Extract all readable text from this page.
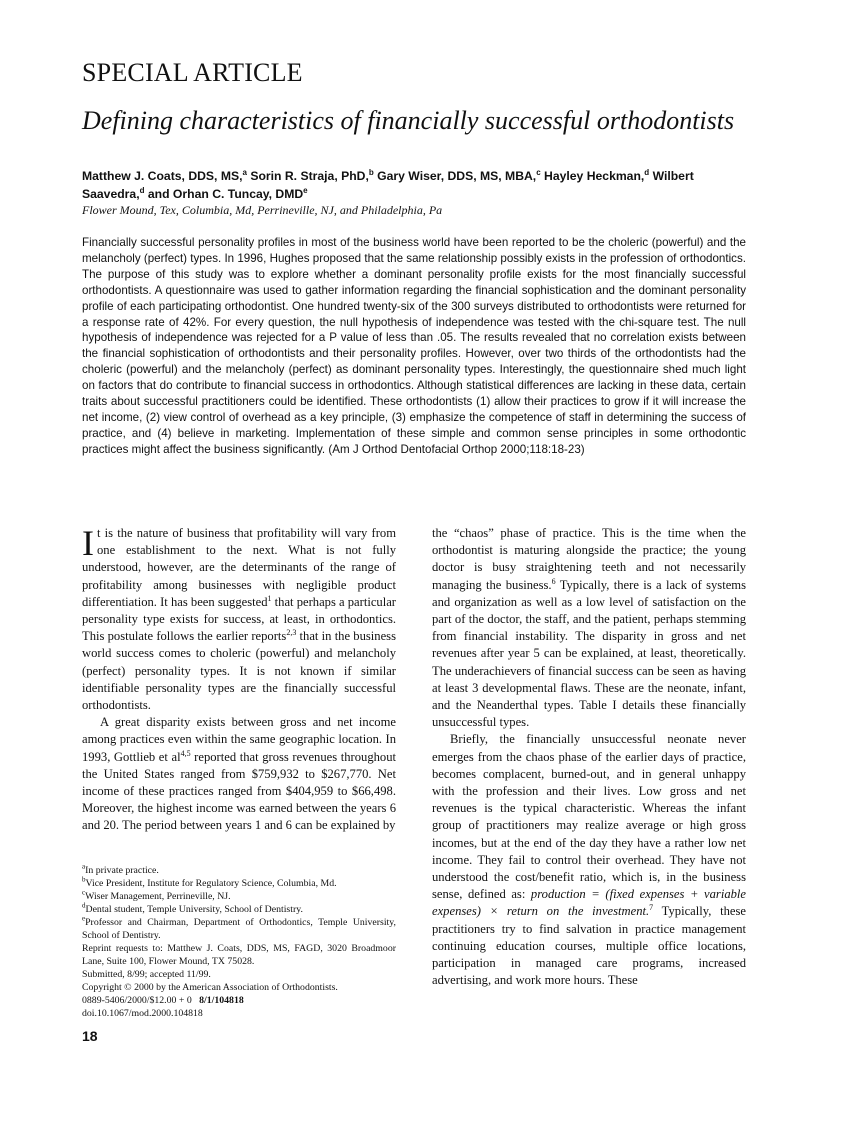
SPECIAL ARTICLE
Defining characteristics of financially successful orthodontists
Matthew J. Coats, DDS, MS,$^a$ Sorin R. Straja, PhD,$^b$ Gary Wiser, DDS, MS, MBA,$^c$ Hayley Heckman,$^d$ Wilbert Saavedra,$^d$ and Orhan C. Tuncay, DMDe
Flower Mound, Tex, Columbia, Md, Perrineville, NJ, and Philadelphia, Pa

Financially successful personality profiles in most of the business world have been reported to be the choleric (powerful) and the melancholy (perfect) types. In 1996, Hughes proposed that the same relationship possibly exists in the profession of orthodontics. The purpose of this study was to explore whether a dominant personality profile exists for the most financially successful orthodontists. A questionnaire was used to gather information regarding the financial sophistication and the dominant personality profile of each participating orthodontist. One hundred twenty-six of the 300 surveys distributed to orthodontists were returned for a response rate of 42%. For every question, the null hypothesis of independence was tested with the chi-square test. The null hypothesis of independence was rejected for a P value of less than .05. The results revealed that no correlation exists between the financial sophistication of orthodontists and their personality profiles. However, over two thirds of the orthodontists had the choleric (powerful) and the melancholy (perfect) as dominant personality types. Interestingly, the questionnaire shed much light on factors that do contribute to financial success in orthodontics. Although statistical differences are lacking in these data, certain traits about successful practitioners could be identified. These orthodontists (1) allow their practices to grow if it will increase the net income, (2) view control of overhead as a key principle, (3) emphasize the competence of staff in determining the success of practice, and (4) believe in marketing. Implementation of these simple and common sense principles in some orthodontic practices might affect the business significantly. (Am J Orthod Dentofacial Orthop 2000;118:18-23)

It is the nature of business that profitability will vary from one establishment to the next. What is not fully understood, however, are the determinants of the range of profitability among businesses with negligible product differentiation. It has been suggested$^1$ that perhaps a particular personality type exists for success, at least, in orthodontics. This postulate follows the earlier reports$^{2,3}$ that in the business world success comes to choleric (powerful) and melancholy (perfect) personality types. It is not known if similar identifiable personality types are the financially successful orthodontists.

A great disparity exists between gross and net income among practices even within the same geographic location. In 1993, Gottlieb et al$^{4,5}$ reported that gross revenues throughout the United States ranged from $759,932 to $267,770. Net income of these practices ranged from $404,959 to $66,498. Moreover, the highest income was earned between the years 6 and 20. The period between years 1 and 6 can be explained by

$^a$In private practice.
$^b$Vice President, Institute for Regulatory Science, Columbia, Md.
$^c$Wiser Management, Perrineville, NJ.
$^d$Dental student, Temple University, School of Dentistry.
$^e$Professor and Chairman, Department of Orthodontics, Temple University, School of Dentistry.
Reprint requests to: Matthew J. Coats, DDS, MS, FAGD, 3020 Broadmoor Lane, Suite 100, Flower Mound, TX 75028.
Submitted, 8/99; accepted 11/99.
Copyright © 2000 by the American Association of Orthodontists.
0889-5406/2000/$12.00 + 0 8/1/104818
doi.10.1067/mod.2000.104818

the “chaos” phase of practice. This is the time when the orthodontist is maturing alongside the practice; the young doctor is busy straightening teeth and not necessarily managing the business.$^6$ Typically, there is a lack of systems and organization as well as a low level of satisfaction on the part of the doctor, the staff, and the patient, perhaps stemming from financial instability. The disparity in gross and net revenues after year 5 can be explained, at least, theoretically. The underachievers of financial success can be seen as having at least 3 developmental flaws. These are the neonate, infant, and the Neanderthal types. Table I details these financially unsuccessful types.

Briefly, the financially unsuccessful neonate never emerges from the chaos phase of the earlier days of practice, becomes complacent, burned-out, and in general unhappy with the profession and their lives. Low gross and net revenues is the typical characteristic. Whereas the infant group of practitioners may realize average or high gross incomes, but at the end of the day they have a rather low net income. They fail to control their overhead. They have not understood the cost/benefit ratio, which is, in the business sense, defined as: production = (fixed expenses + variable expenses) × return on the investment.$^7$ Typically, these practitioners try to find salvation in practice management continuing education courses, multiple office locations, participation in managed care programs, increased advertising, and work more hours. These

18
